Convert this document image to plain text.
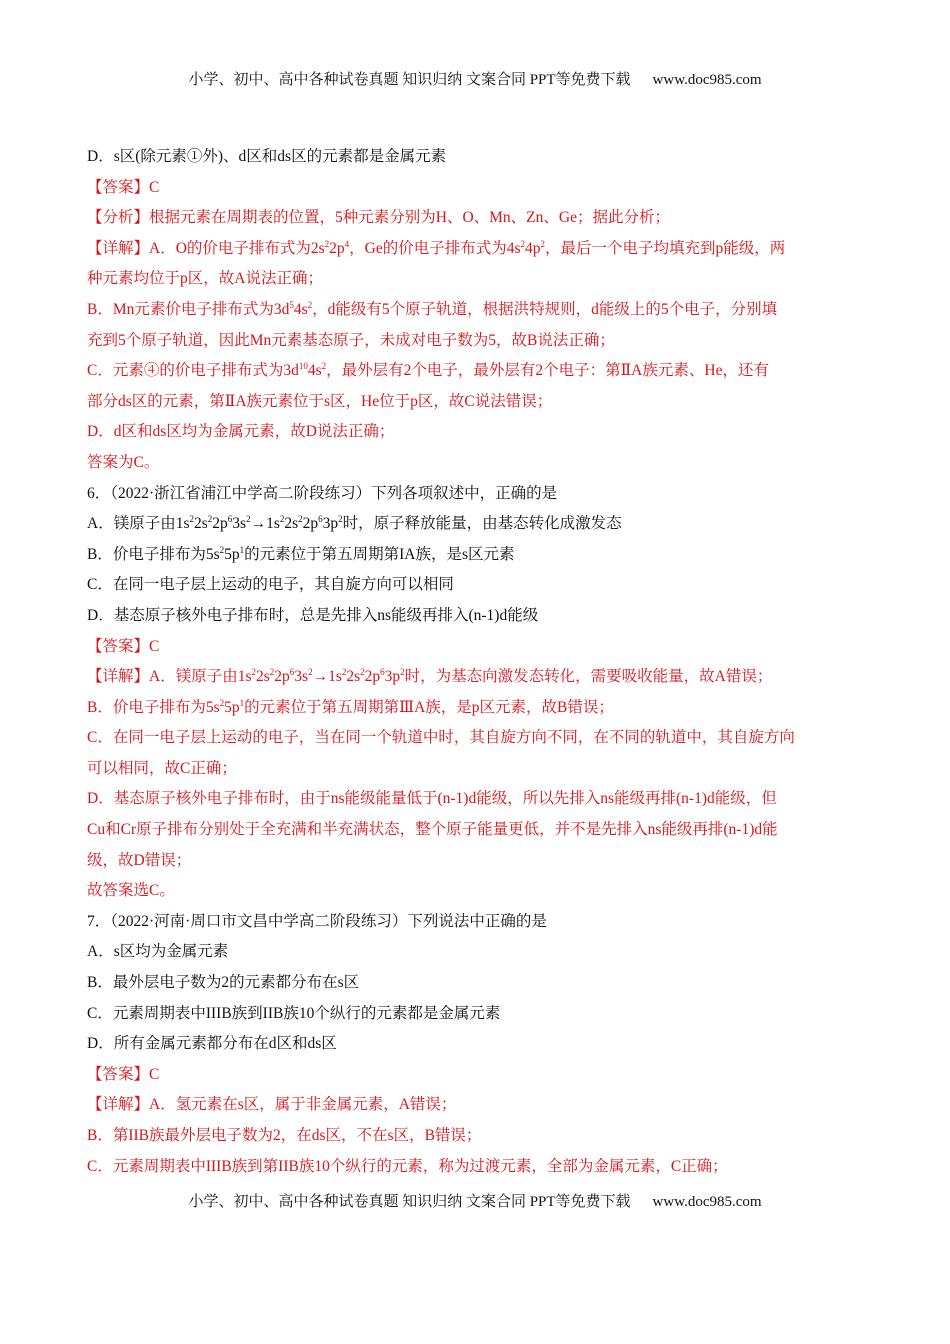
小学、初中、高中各种试卷真题 知识归纳 文案合同 PPT等免费下载 www.doc985.com
D．s区(除元素①外)、d区和ds区的元素都是金属元素
【答案】C
【分析】根据元素在周期表的位置，5种元素分别为H、O、Mn、Zn、Ge；据此分析；
【详解】A．O的价电子排布式为$2s^22p^4$，Ge的价电子排布式为$4s^24p^2$，最后一个电子均填充到p能级，两
种元素均位于p区，故A说法正确；
B．Mn元素价电子排布式为$3d^54s^2$，d能级有5个原子轨道，根据洪特规则，d能级上的5个电子，分别填
充到5个原子轨道，因此Mn元素基态原子，未成对电子数为5，故B说法正确；
C．元素④的价电子排布式为$3d^{10}4s^2$，最外层有2个电子，最外层有2个电子：第ⅡA族元素、He，还有
部分ds区的元素，第ⅡA族元素位于s区，He位于p区，故C说法错误；
D．d区和ds区均为金属元素，故D说法正确；
答案为C。
6．（2022·浙江省浦江中学高二阶段练习）下列各项叙述中，正确的是
A．镁原子由$1s^22s^22p^63s^2\to 1s^22s^22p^63p^2$时，原子释放能量，由基态转化成激发态
B．价电子排布为$5s^25p^1$的元素位于第五周期第IA族，是s区元素
C．在同一电子层上运动的电子，其自旋方向可以相同
D．基态原子核外电子排布时，总是先排入ns能级再排入(n-1)d能级
【答案】C
【详解】A．镁原子由$1s^22s^22p^63s^2\to 1s^22s^22p^63p^2$时，为基态向激发态转化，需要吸收能量，故A错误；
B．价电子排布为$5s^25p^1$的元素位于第五周期第ⅢA族，是p区元素，故B错误；
C．在同一电子层上运动的电子，当在同一个轨道中时，其自旋方向不同，在不同的轨道中，其自旋方向
可以相同，故C正确；
D．基态原子核外电子排布时，由于ns能级能量低于(n-1)d能级，所以先排入ns能级再排(n-1)d能级，但
Cu和Cr原子排布分别处于全充满和半充满状态，整个原子能量更低，并不是先排入ns能级再排(n-1)d能
级，故D错误；
故答案选C。
7．（2022·河南·周口市文昌中学高二阶段练习）下列说法中正确的是
A．s区均为金属元素
B．最外层电子数为2的元素都分布在s区
C．元素周期表中IIIB族到IIB族10个纵行的元素都是金属元素
D．所有金属元素都分布在d区和ds区
【答案】C
【详解】A．氢元素在s区，属于非金属元素，A错误；
B．第IIB族最外层电子数为2，在ds区，不在s区，B错误；
C．元素周期表中IIIB族到第IIB族10个纵行的元素，称为过渡元素，全部为金属元素，C正确；
小学、初中、高中各种试卷真题 知识归纳 文案合同 PPT等免费下载 www.doc985.com
